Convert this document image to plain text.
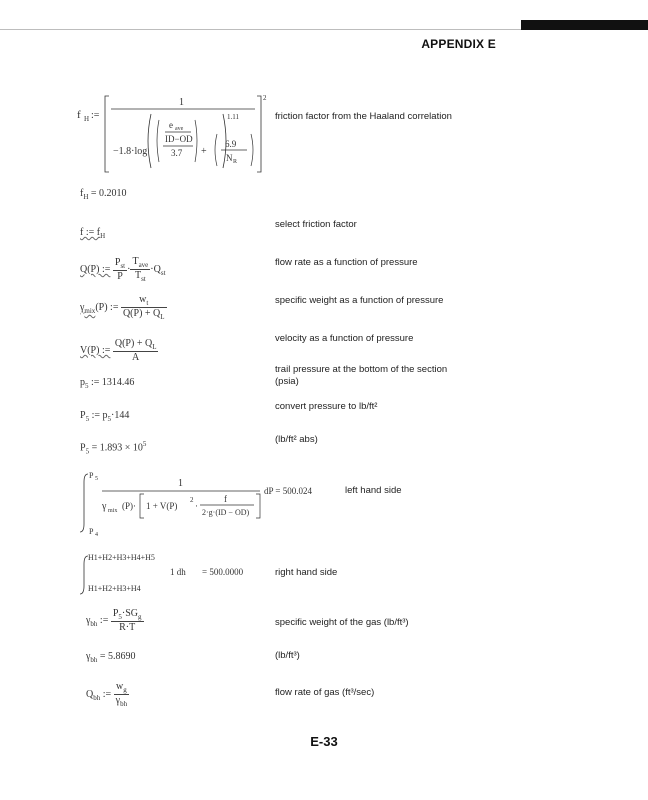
APPENDIX E
f H :=
2
1
−1.8·log
1.11
e ave
ID−OD
3.7 +
6.9
N R
friction factor from the Haaland correlation
$f_H = 0.2010$
select friction factor
f := $f_H$
flow rate as a function of pressure
Q(P) := $\frac{P_{st}}{P} \cdot \frac{T_{ave}}{T_{st}} \cdot Q_{st}$
specific weight as a function of pressure
$\gamma_{mix}(P)$ := $\frac{w_t}{Q(P) + Q_L}$
velocity as a function of pressure
V(P) := $\frac{Q(P) + Q_L}{A}$
trail pressure at the bottom of the section
(psia)
$p_5$ := 1314.46
convert pressure to lb/ft²
$P_5$ := $p_5\cdot 144$
(lb/ft² abs)
$P_5 = 1.893 \times 10^5$
P 5
P 4
1
γ mix (P)· 1 + V(P)
2
·
f
2·g·(ID − OD)
dP = 500.024	left hand side
H1+H2+H3+H4+H5
H1+H2+H3+H4
1 dh = 500.0000	right hand side
specific weight of the gas (lb/ft³)
$\gamma_{bh}$ := $\frac{P_5\cdot SG_g}{R\cdot T}$
(lb/ft³)
$\gamma_{bh} = 5.8690$
flow rate of gas (ft³/sec)
$Q_{bh}$ := $\frac{w_g}{\gamma_{bh}}$
E-33
